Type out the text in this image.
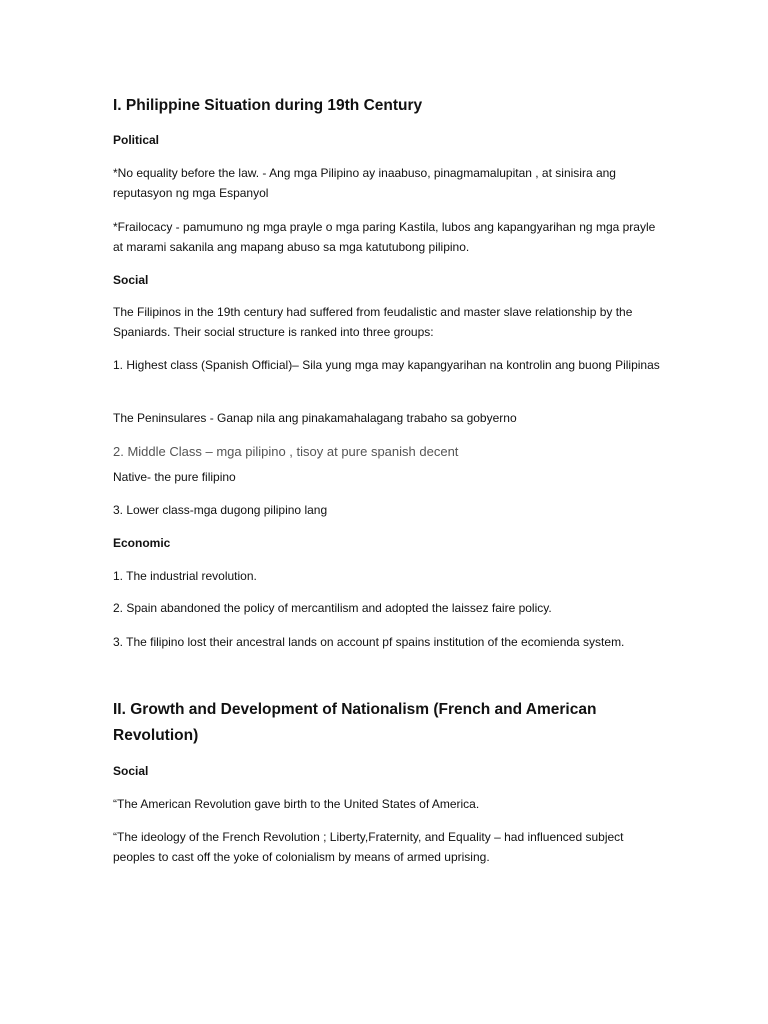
I. Philippine Situation during 19th Century
Political

*No equality before the law. - Ang mga Pilipino ay inaabuso, pinagmamalupitan , at sinisira ang reputasyon ng mga Espanyol

*Frailocacy - pamumuno ng mga prayle o mga paring Kastila, lubos ang kapangyarihan ng mga prayle at marami sakanila ang mapang abuso sa mga katutubong pilipino.

Social

The Filipinos in the 19th century had suffered from feudalistic and master slave relationship by the Spaniards. Their social structure is ranked into three groups:

1. Highest class (Spanish Official)– Sila yung mga may kapangyarihan na kontrolin ang buong Pilipinas

The Peninsulares - Ganap nila ang pinakamahalagang trabaho sa gobyerno

2. Middle Class – mga pilipino , tisoy at pure spanish decent

Native- the pure filipino

3. Lower class-mga dugong pilipino lang

Economic

1. The industrial revolution.

2. Spain abandoned the policy of mercantilism and adopted the laissez faire policy.

3. The filipino lost their ancestral lands on account pf spains institution of the ecomienda system.

II. Growth and Development of Nationalism (French and American Revolution)
Social

“The American Revolution gave birth to the United States of America.

“The ideology of the French Revolution ; Liberty,Fraternity, and Equality – had influenced subject peoples to cast off the yoke of colonialism by means of armed uprising.
